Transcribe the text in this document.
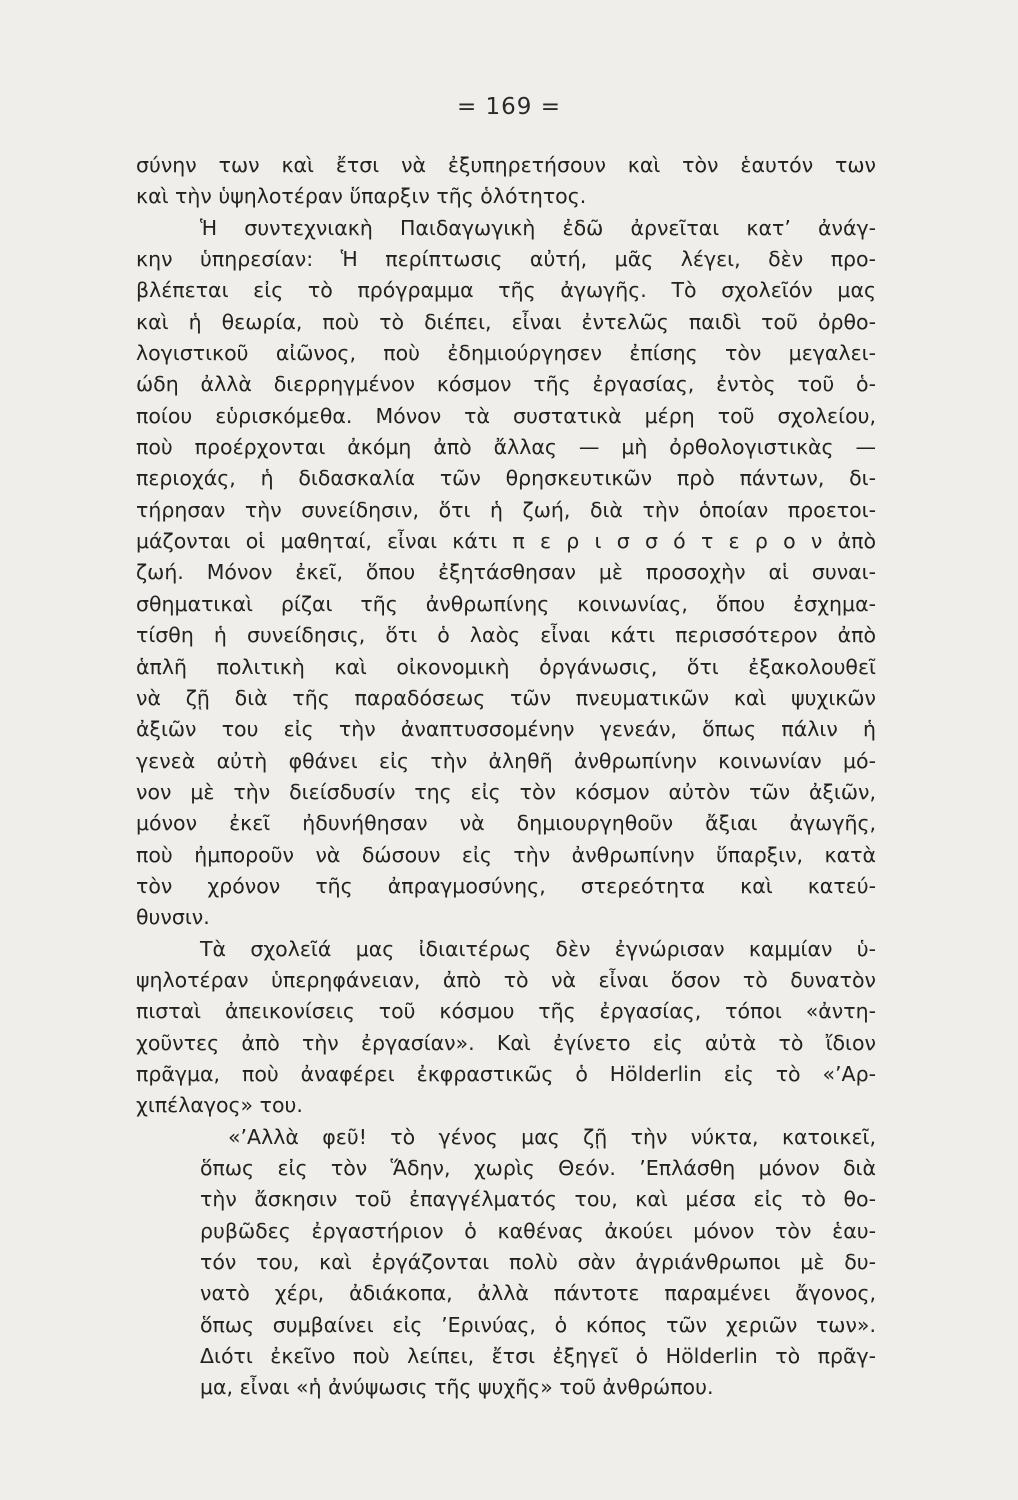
= 169 =
σύνην των καὶ ἔτσι νὰ ἐξυπηρετήσουν καὶ τὸν ἑαυτόν των
καὶ τὴν ὑψηλοτέραν ὕπαρξιν τῆς ὁλότητος.
Ἡ συντεχνιακὴ Παιδαγωγικὴ ἐδῶ ἀρνεῖται κατ’ ἀνάγ-
κην ὑπηρεσίαν: Ἡ περίπτωσις αὐτή, μᾶς λέγει, δὲν προ-
βλέπεται εἰς τὸ πρόγραμμα τῆς ἀγωγῆς. Τὸ σχολεῖόν μας
καὶ ἡ θεωρία, ποὺ τὸ διέπει, εἶναι ἐντελῶς παιδὶ τοῦ ὀρθο-
λογιστικοῦ αἰῶνος, ποὺ ἐδημιούργησεν ἐπίσης τὸν μεγαλει-
ώδη ἀλλὰ διερρηγμένον κόσμον τῆς ἐργασίας, ἐντὸς τοῦ ὁ-
ποίου εὑρισκόμεθα. Μόνον τὰ συστατικὰ μέρη τοῦ σχολείου,
ποὺ προέρχονται ἀκόμη ἀπὸ ἄλλας — μὴ ὀρθολογιστικὰς —
περιοχάς, ἡ διδασκαλία τῶν θρησκευτικῶν πρὸ πάντων, δι-
τήρησαν τὴν συνείδησιν, ὅτι ἡ ζωή, διὰ τὴν ὁποίαν προετοι-
μάζονται οἱ μαθηταί, εἶναι κάτι π ε ρ ι σ σ ό τ ε ρ ο ν ἀπὸ
ζωή. Μόνον ἐκεῖ, ὅπου ἐξητάσθησαν μὲ προσοχὴν αἱ συναι-
σθηματικαὶ ρίζαι τῆς ἀνθρωπίνης κοινωνίας, ὅπου ἐσχημα-
τίσθη ἡ συνείδησις, ὅτι ὁ λαὸς εἶναι κάτι περισσότερον ἀπὸ
ἁπλῆ πολιτικὴ καὶ οἰκονομικὴ ὀργάνωσις, ὅτι ἐξακολουθεῖ
νὰ ζῇ διὰ τῆς παραδόσεως τῶν πνευματικῶν καὶ ψυχικῶν
ἀξιῶν του εἰς τὴν ἀναπτυσσομένην γενεάν, ὅπως πάλιν ἡ
γενεὰ αὐτὴ φθάνει εἰς τὴν ἀληθῆ ἀνθρωπίνην κοινωνίαν μό-
νον μὲ τὴν διείσδυσίν της εἰς τὸν κόσμον αὐτὸν τῶν ἀξιῶν,
μόνον ἐκεῖ ἠδυνήθησαν νὰ δημιουργηθοῦν ἄξιαι ἀγωγῆς,
ποὺ ἠμποροῦν νὰ δώσουν εἰς τὴν ἀνθρωπίνην ὕπαρξιν, κατὰ
τὸν χρόνον τῆς ἀπραγμοσύνης, στερεότητα καὶ κατεύ-
θυνσιν.
Τὰ σχολεῖά μας ἰδιαιτέρως δὲν ἐγνώρισαν καμμίαν ὑ-
ψηλοτέραν ὑπερηφάνειαν, ἀπὸ τὸ νὰ εἶναι ὅσον τὸ δυνατὸν
πισταὶ ἀπεικονίσεις τοῦ κόσμου τῆς ἐργασίας, τόποι «ἀντη-
χοῦντες ἀπὸ τὴν ἐργασίαν». Καὶ ἐγίνετο εἰς αὐτὰ τὸ ἴδιον
πρᾶγμα, ποὺ ἀναφέρει ἐκφραστικῶς ὁ Hölderlin εἰς τὸ «’Αρ-
χιπέλαγος» του.
«’Αλλὰ φεῦ! τὸ γένος μας ζῇ τὴν νύκτα, κατοικεῖ,
ὅπως εἰς τὸν Ἅδην, χωρὶς Θεόν. ’Επλάσθη μόνον διὰ
τὴν ἄσκησιν τοῦ ἐπαγγέλματός του, καὶ μέσα εἰς τὸ θο-
ρυβῶδες ἐργαστήριον ὁ καθένας ἀκούει μόνον τὸν ἑαυ-
τόν του, καὶ ἐργάζονται πολὺ σὰν ἀγριάνθρωποι μὲ δυ-
νατὸ χέρι, ἀδιάκοπα, ἀλλὰ πάντοτε παραμένει ἄγονος,
ὅπως συμβαίνει εἰς ’Ερινύας, ὁ κόπος τῶν χεριῶν των».
Διότι ἐκεῖνο ποὺ λείπει, ἔτσι ἐξηγεῖ ὁ Hölderlin τὸ πρᾶγ-
μα, εἶναι «ἡ ἀνύψωσις τῆς ψυχῆς» τοῦ ἀνθρώπου.
